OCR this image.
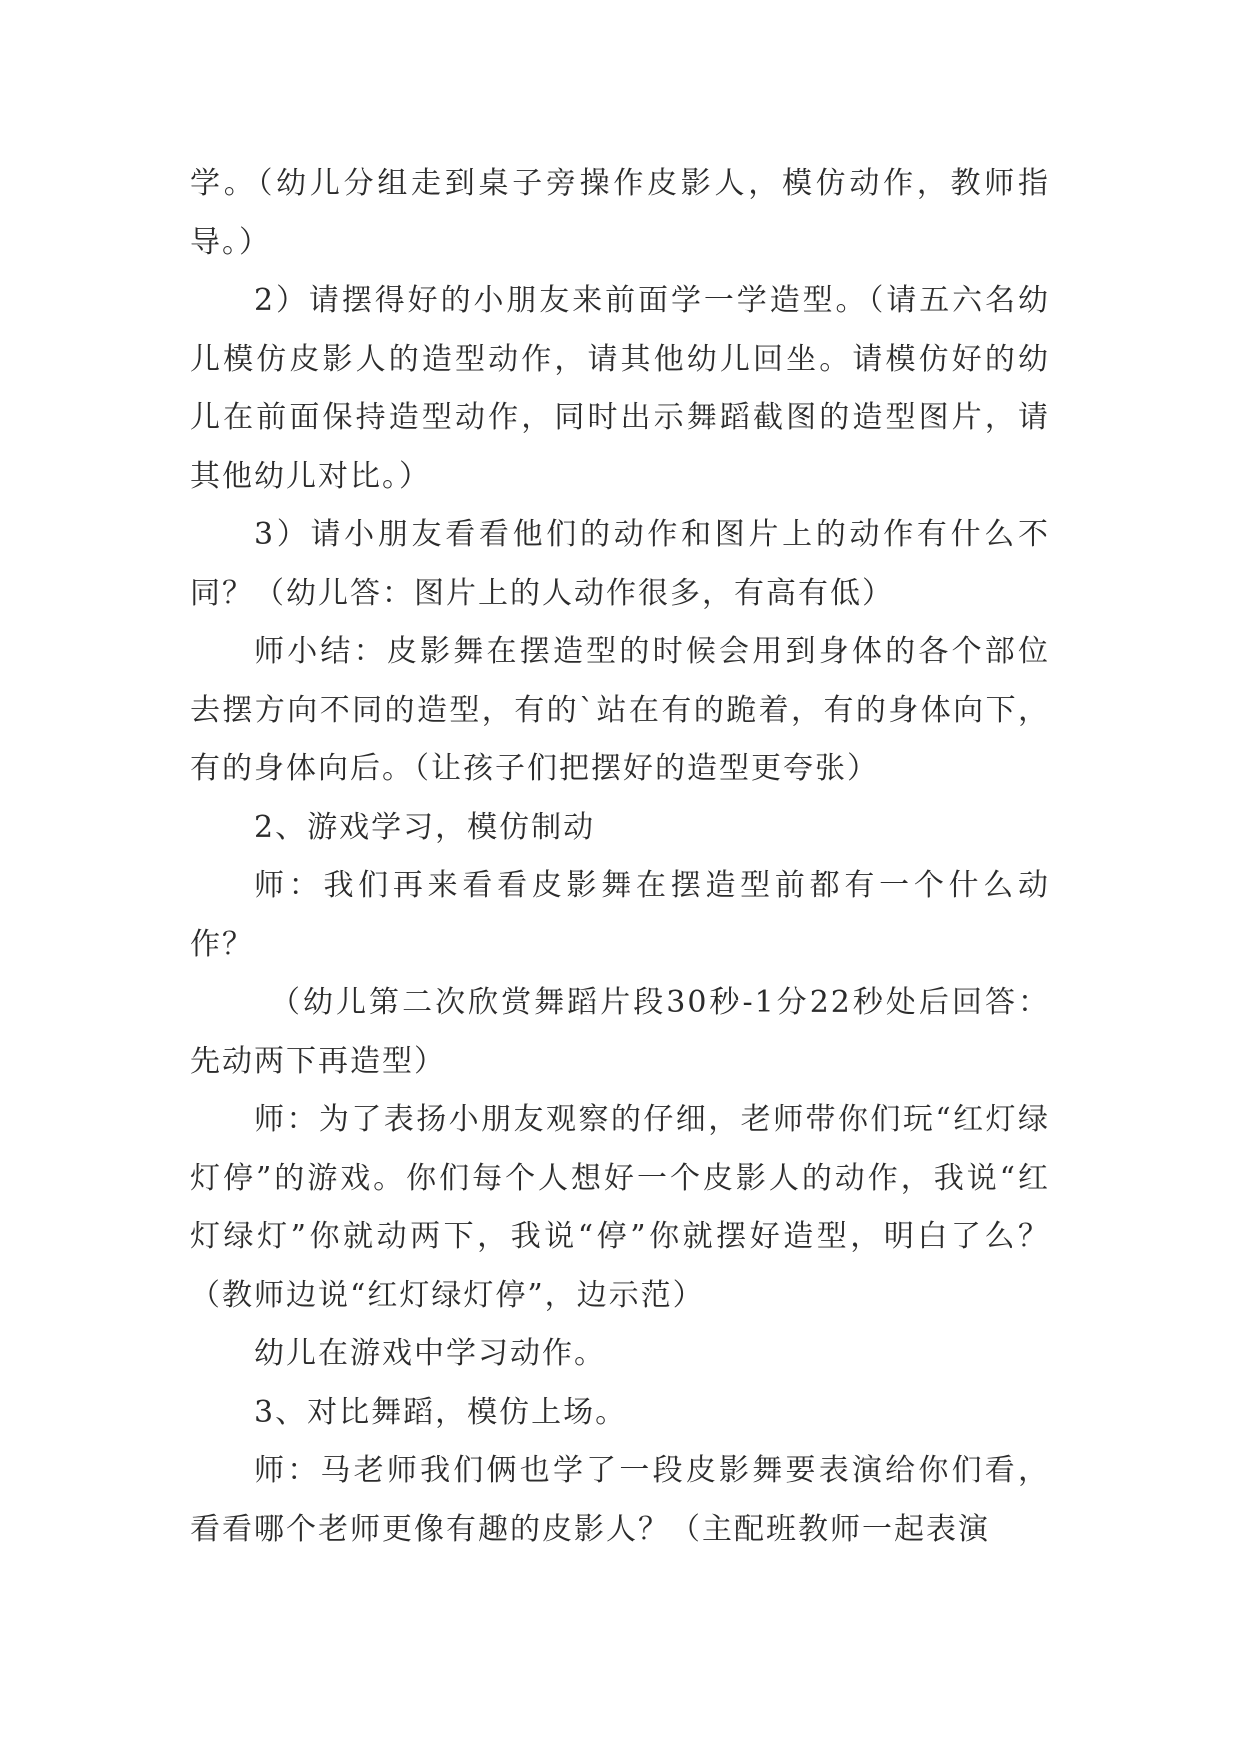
学。（幼儿分组走到桌子旁操作皮影人，模仿动作，教师指导。）

2）请摆得好的小朋友来前面学一学造型。（请五六名幼儿模仿皮影人的造型动作，请其他幼儿回坐。请模仿好的幼儿在前面保持造型动作，同时出示舞蹈截图的造型图片，请其他幼儿对比。）

3）请小朋友看看他们的动作和图片上的动作有什么不同？（幼儿答：图片上的人动作很多，有高有低）

师小结：皮影舞在摆造型的时候会用到身体的各个部位去摆方向不同的造型，有的`站在有的跪着，有的身体向下，有的身体向后。（让孩子们把摆好的造型更夸张）

2、游戏学习，模仿制动

师：我们再来看看皮影舞在摆造型前都有一个什么动作？

（幼儿第二次欣赏舞蹈片段30秒-1分22秒处后回答：先动两下再造型）

师：为了表扬小朋友观察的仔细，老师带你们玩“红灯绿灯停”的游戏。你们每个人想好一个皮影人的动作，我说“红灯绿灯”你就动两下，我说“停”你就摆好造型，明白了么？（教师边说“红灯绿灯停”，边示范）

幼儿在游戏中学习动作。

3、对比舞蹈，模仿上场。

师：马老师我们俩也学了一段皮影舞要表演给你们看，看看哪个老师更像有趣的皮影人？（主配班教师一起表演
